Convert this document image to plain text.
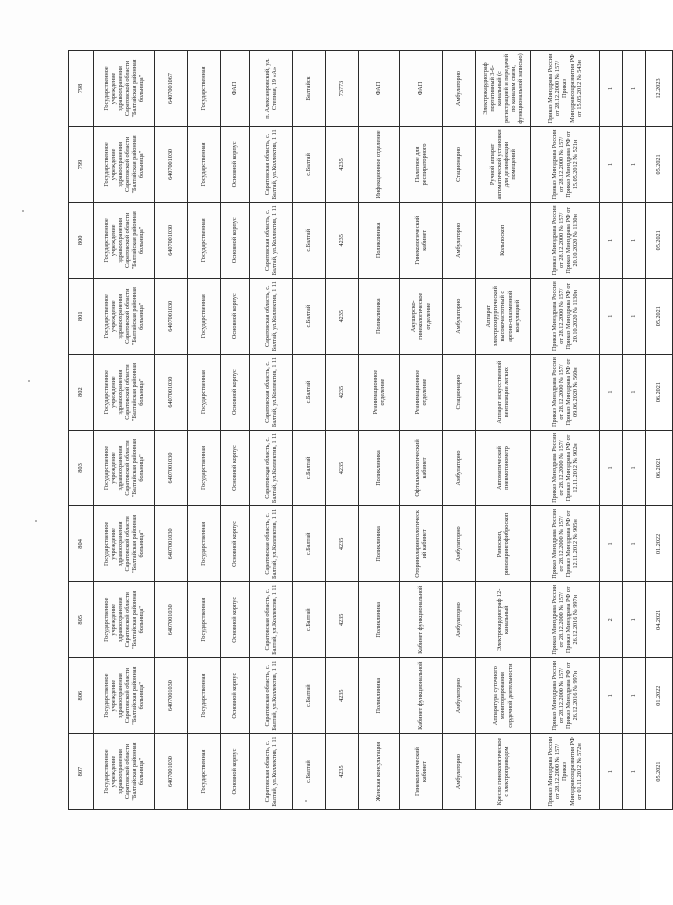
807	806	805	804	803	802	801	800	799	798
Государственное учреждение здравоохранения Саратовской области "Балтайская районная больница"	Государственное учреждение здравоохранения Саратовской области "Балтайская районная больница"	Государственное учреждение здравоохранения Саратовской области "Балтайская районная больница"	Государственное учреждение здравоохранения Саратовской области "Балтайская районная больница"	Государственное учреждение здравоохранения Саратовской области "Балтайская районная больница"	Государственное учреждение здравоохранения Саратовской области "Балтайская районная больница"	Государственное учреждение здравоохранения Саратовской области "Балтайская районная больница"	Государственное учреждение здравоохранения Саратовской области "Балтайская районная больница"	Государственное учреждение здравоохранения Саратовской области "Балтайская районная больница"	Государственное учреждение здравоохранения Саратовской области "Балтайская районная больница"
6407001030	6407001030	6407001030	6407001030	6407001030	6407001030	6407001030	6407001030	6407001030	6407001067
Государственная	Государственная	Государственная	Государственная	Государственная	Государственная	Государственная	Государственная	Государственная	Государственная
Основной корпус	Основной корпус	Основной корпус	Основной корпус	Основной корпус	Основной корпус	Основной корпус	Основной корпус	Основной корпус	ФАП
Саратовская область, с. Балтай, ул.Коллектив, 1 11	Саратовская область, с. Балтай, ул.Коллектив, 1 11	Саратовская область, с. Балтай, ул.Коллектив, 1 11	Саратовская область, с. Балтай, ул.Коллектив, 1 11	Саратовская область, с. Балтай, ул.Коллектив, 1 11	Саратовская область, с. Балтай, ул.Коллектив, 1 11	Саратовская область, с. Балтай, ул.Коллектив, 1 11	Саратовская область, с. Балтай, ул.Коллектив, 1 11	Саратовская область, с. Балтай, ул.Коллектив, 1 11	п. Алексанровский, ул. Степная, 19 «А»
с.Балтай	с.Балтай	с.Балтай	с.Балтай	с.Балтай	с.Балтай	с.Балтай	с.Балтай	с.Балтай	Балтайск
4235	4235	4235	4235	4235	4235	4235	4235	4235	73773
Женская консультация	Поликлиника	Поликлиника	Поликлиника	Поликлиника	Реанимационное отделение	Поликлиника	Поликлиника	Инфекционное отделение	ФАП
Гинекологический кабинет	Кабинет функциональной	Кабинет функциональной	Оториноларингологический кабинет	Офтальмологический кабинет	Реанимационное отделение	Акушерско-гинекологическое отделение	Гинекологический кабинет	Палатное для респираторного	ФАП
Амбулаторно	Амбулаторно	Амбулаторно	Амбулаторно	Амбулаторно	Стационарно	Амбулаторно	Амбулаторно	Стационарно	Амбулаторно
Кресло гинекологическое с электроприводом	Аппаратура суточного мониторирования сердечной деятельности	Электрокардиограф 12-канальный	Риноскоп, риноларингофиброскоп	Автоматический пневмотонометр	Аппарат искусственной вентиляции легких	Аппарат электрохирургический высокочастотный с аргоно-плазменной коагуляцией	Кольпоскоп	Ручной аппарат автоматической установки для дезинфекции помещений	Электрокардиограф портативный 3-6-канальный (с регистрацией и передачей по каналам связи, функциональной записью)
Приказ Минздрава России от 28.12.2000 № 157/Приказ Минздравсоцразвития РФ от 01.11.2012 № 572н	Приказ Минздрава России от 28.12.2000 № 157/Приказ Минздрава РФ от 26.12.2016 № 997н	Приказ Минздрава России от 28.12.2000 № 157/Приказ Минздрава РФ от 26.12.2016 № 997н	Приказ Минздрава России от 28.12.2000 № 157/Приказ Минздрава РФ от 12.11.2012 № 905н	Приказ Минздрава России от 28.12.2000 № 157/Приказ Минздрава РФ от 12.11.2012 № 902н	Приказ Минздрава России от 28.12.2000 № 157/Приказ Минздрава РФ от 09.06.2020 № 560н	Приказ Минздрава России от 28.12.2000 № 157/Приказ Минздрава РФ от 20.10.2020 № 1130н	Приказ Минздрава России от 28.12.2000 № 157/Приказ Минздрава РФ от 20.10.2020 № 1130н	Приказ Минздрава России от 28.12.2000 № 157/Приказ Минздрава РФ от 15.05.2012 № 521н	Приказ Минздрава России от 28.12.2000 № 157/Приказ Минздравсоцразвития РФ от 15.05.2012 № 543н
1	1	2	1	1	1	1	1	1	1
1	1	1	1	1	1	1	1	1	1
05.2021	01.2022	04.2021	01.2022	06.2021	06.2021	05.2021	05.2021	05.2021	12.2023
